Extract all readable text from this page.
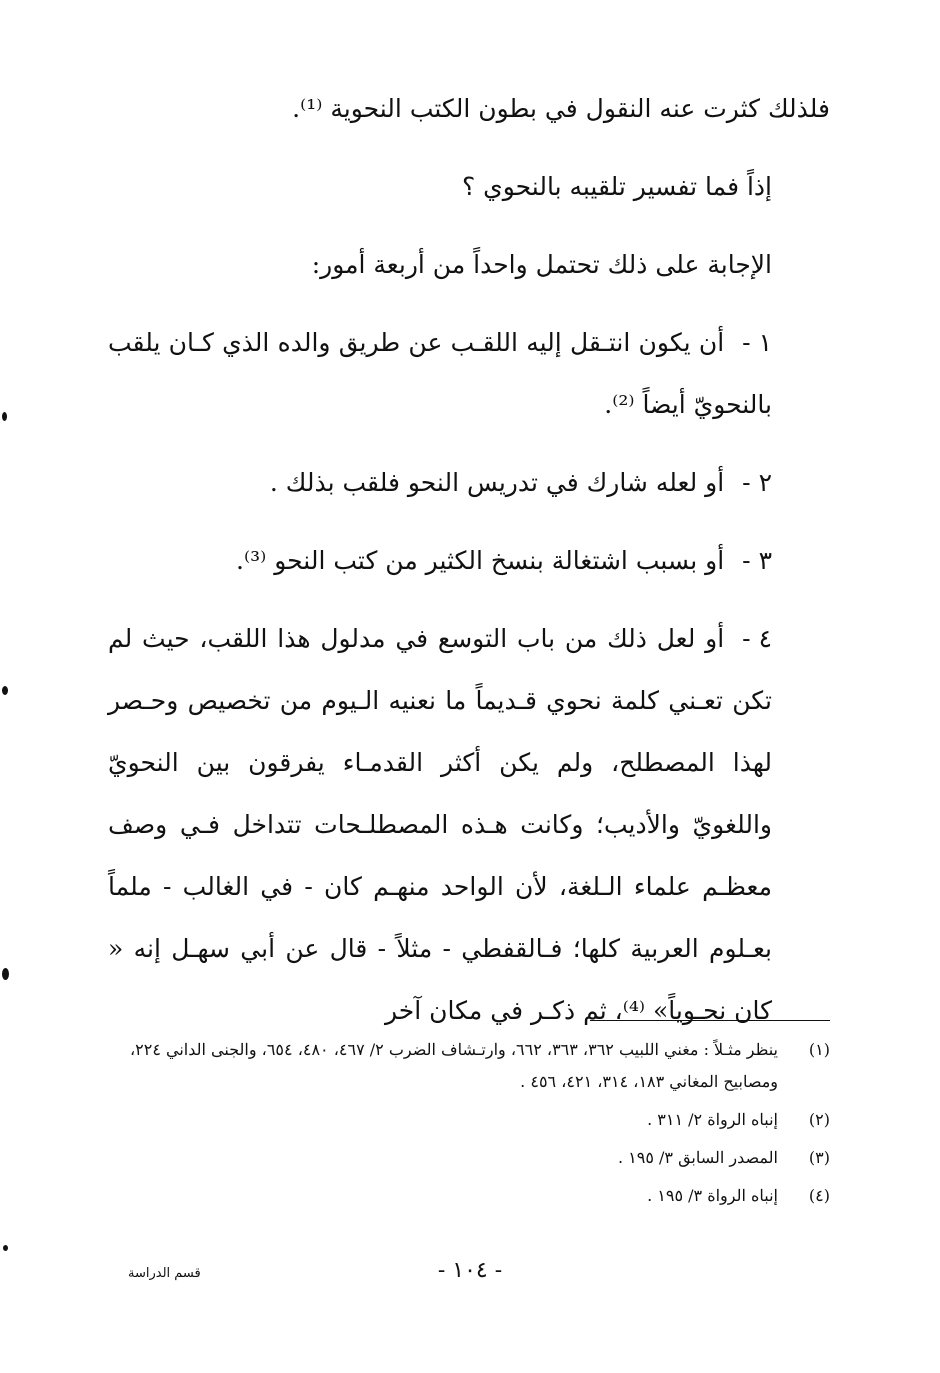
فلذلك كثرت عنه النقول في بطون الكتب النحوية ⁽¹⁾.

إذاً فما تفسير تلقيبه بالنحوي ؟

الإجابة على ذلك تحتمل واحداً من أربعة أمور:

١ -أن يكون انتـقل إليه اللقـب عن طريق والده الذي كـان يلقب بالنحويّ أيضاً ⁽²⁾.

٢ -أو لعله شارك في تدريس النحو فلقب بذلك .

٣ -أو بسبب اشتغالة بنسخ الكثير من كتب النحو ⁽³⁾.

٤ -أو لعل ذلك من باب التوسع في مدلول هذا اللقب، حيث لم تكن تعـني كلمة نحوي قـديماً ما نعنيه الـيوم من تخصيص وحـصر لهذا المصطلح، ولم يكن أكثر القدمـاء يفرقون بين النحويّ واللغويّ والأديب؛ وكانت هـذه المصطلـحات تتداخل فـي وصف معظـم علماء الـلغة، لأن الواحد منهـم كان - في الغالب - ملماً بعـلوم العربية كلها؛ فـالقفطي - مثلاً - قال عن أبي سهـل إنه « كان نحـوياً» ⁽⁴⁾، ثم ذكـر في مكان آخر

(١)
ينظر مثـلاً : مغني اللبيب ٣٦٢، ٣٦٣، ٦٦٢، وارتـشاف الضرب ٢/ ٤٦٧، ٤٨٠، ٦٥٤، والجنى الداني ٢٢٤، ومصابيح المغاني ١٨٣، ٣١٤، ٤٢١، ٤٥٦ .
(٢)
إنباه الرواة ٢/ ٣١١ .
(٣)
المصدر السابق ٣/ ١٩٥ .
(٤)
إنباه الرواة ٣/ ١٩٥ .
- ١٠٤ -
قسم الدراسة
